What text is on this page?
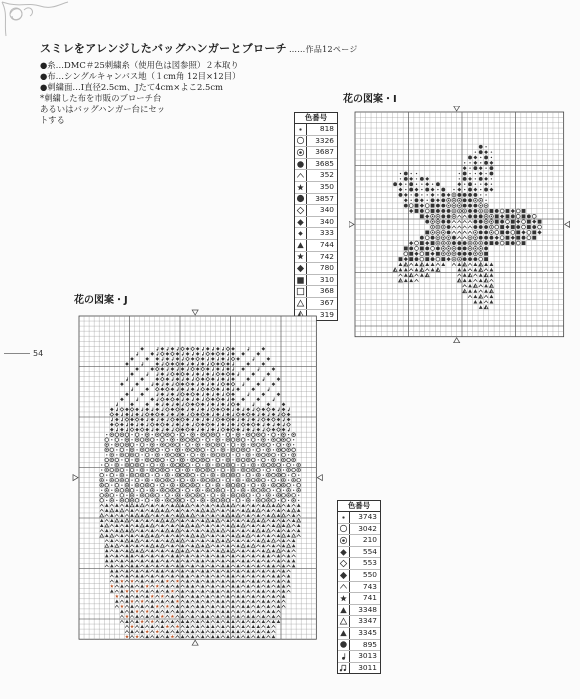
スミレをアレンジしたバッグハンガーとブローチ ……作品12ページ
●糸…DMC＃25刺繍糸（使用色は図参照）２本取り
●布…シングルキャンバス地（１cm角 12目×12目）
●刺繍面…I直径2.5cm、Jたて4cm×よこ2.5cm
*刺繍した布を市販のブローチ台
あるいはバッグハンガー台にセッ
トする
花の図案・I
色番号
818
3326
3687
3685
352
350
3857
340
340
333
744
742
780
310
368
367
319
花の図案・J
色番号
3743
3042
210
554
553
550
743
741
3348
3347
3345
895
3013
3011
54
